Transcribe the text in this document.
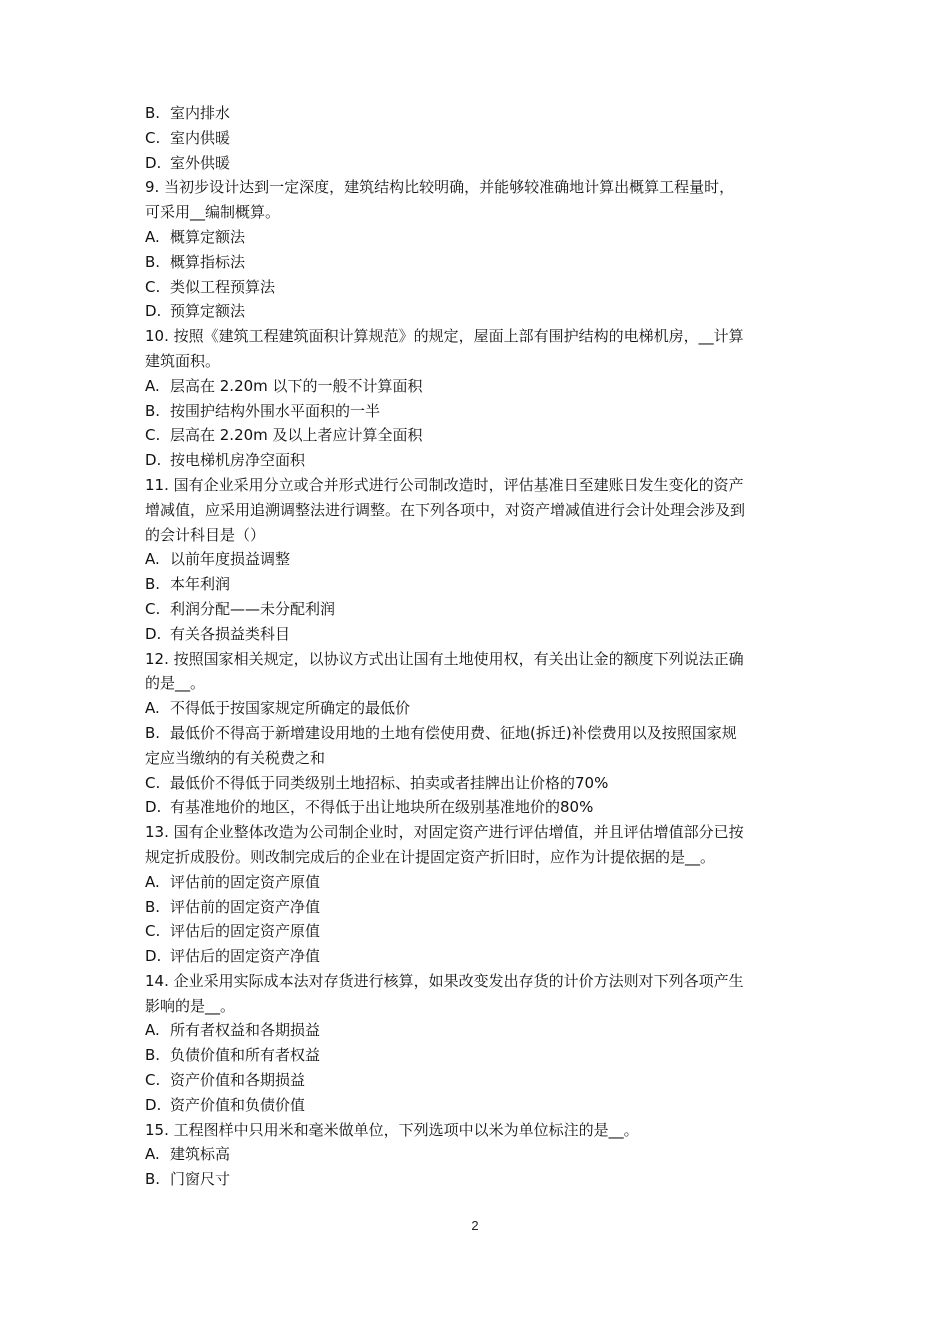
B. 室内排水
C. 室内供暖
D. 室外供暖
9. 当初步设计达到一定深度，建筑结构比较明确，并能够较准确地计算出概算工程量时，
可采用__编制概算。
A. 概算定额法
B. 概算指标法
C. 类似工程预算法
D. 预算定额法
10. 按照《建筑工程建筑面积计算规范》的规定，屋面上部有围护结构的电梯机房，__计算
建筑面积。
A. 层高在 2.20m 以下的一般不计算面积
B. 按围护结构外围水平面积的一半
C. 层高在 2.20m 及以上者应计算全面积
D. 按电梯机房净空面积
11. 国有企业采用分立或合并形式进行公司制改造时，评估基准日至建账日发生变化的资产
增减值，应采用追溯调整法进行调整。在下列各项中，对资产增减值进行会计处理会涉及到
的会计科目是（）
A. 以前年度损益调整
B. 本年利润
C. 利润分配——未分配利润
D. 有关各损益类科目
12. 按照国家相关规定，以协议方式出让国有土地使用权，有关出让金的额度下列说法正确
的是__。
A. 不得低于按国家规定所确定的最低价
B. 最低价不得高于新增建设用地的土地有偿使用费、征地(拆迁)补偿费用以及按照国家规
定应当缴纳的有关税费之和
C. 最低价不得低于同类级别土地招标、拍卖或者挂牌出让价格的70%
D. 有基准地价的地区，不得低于出让地块所在级别基准地价的80%
13. 国有企业整体改造为公司制企业时，对固定资产进行评估增值，并且评估增值部分已按
规定折成股份。则改制完成后的企业在计提固定资产折旧时，应作为计提依据的是__。
A. 评估前的固定资产原值
B. 评估前的固定资产净值
C. 评估后的固定资产原值
D. 评估后的固定资产净值
14. 企业采用实际成本法对存货进行核算，如果改变发出存货的计价方法则对下列各项产生
影响的是__。
A. 所有者权益和各期损益
B. 负债价值和所有者权益
C. 资产价值和各期损益
D. 资产价值和负债价值
15. 工程图样中只用米和毫米做单位，下列选项中以米为单位标注的是__。
A. 建筑标高
B. 门窗尺寸
2
